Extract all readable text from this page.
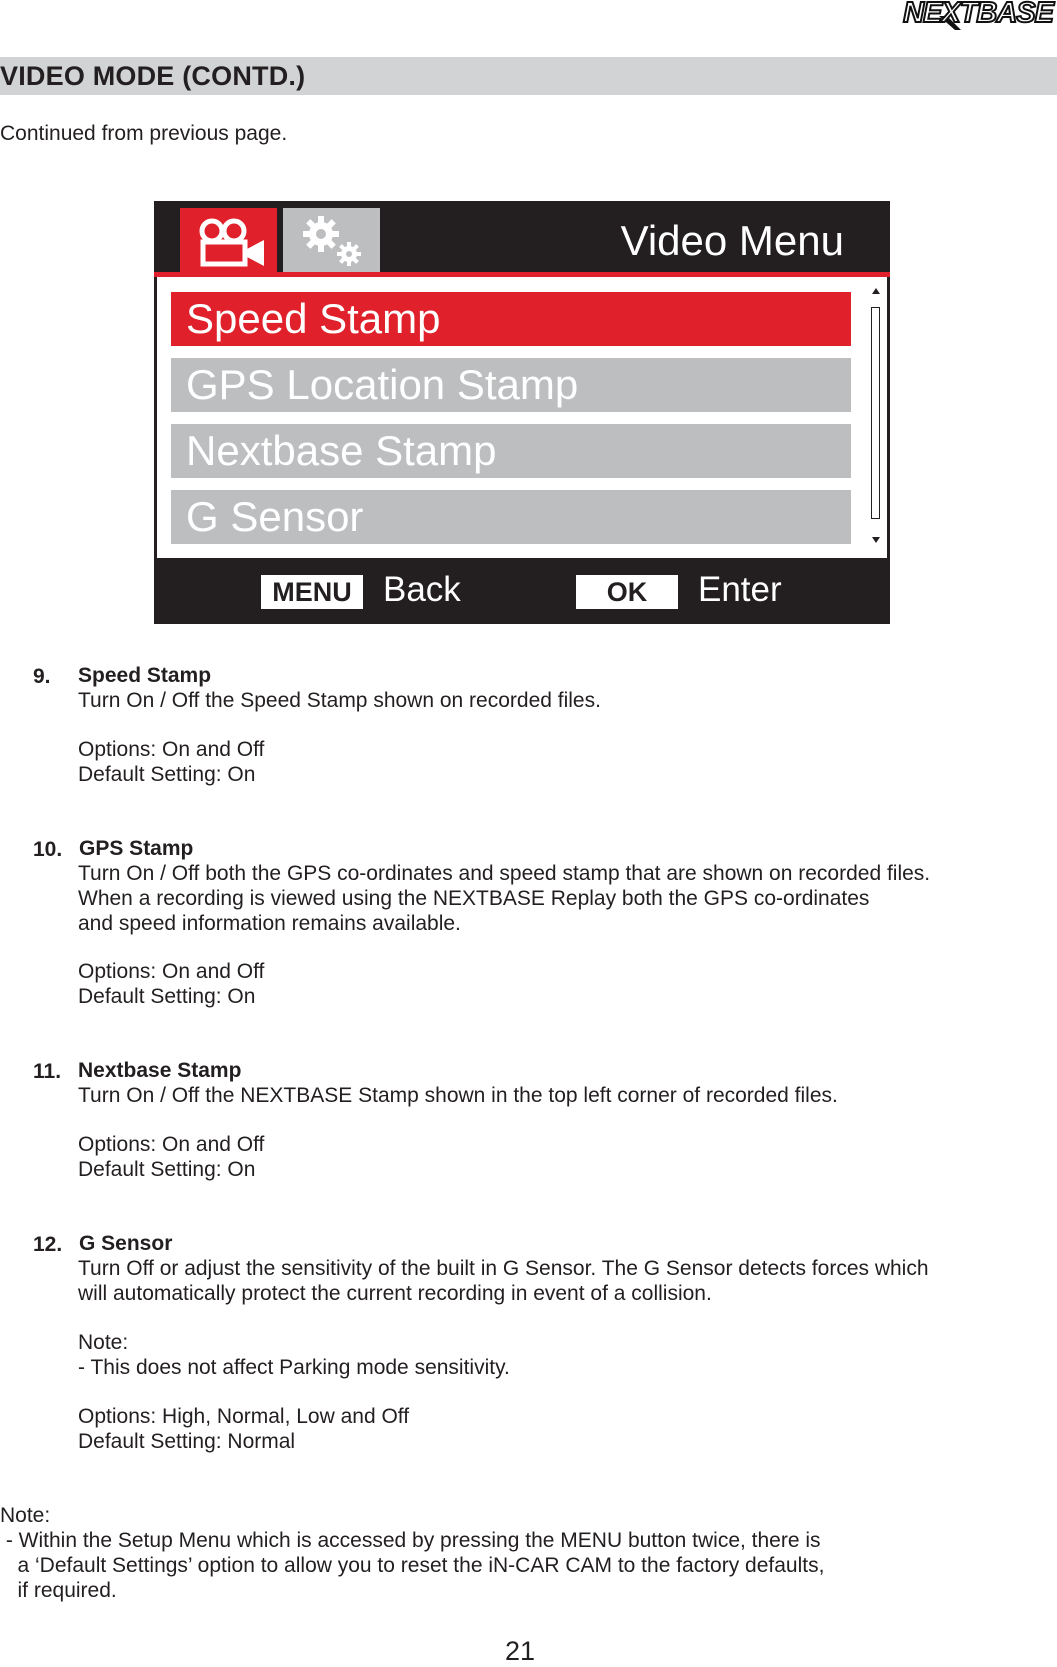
NEXTBASE
VIDEO MODE (CONTD.)
Continued from previous page.
Video Menu
Speed Stamp
GPS Location Stamp
Nextbase Stamp
G Sensor
MENU Back	OK	Enter
9. Speed Stamp
Turn On / Off the Speed Stamp shown on recorded files.
Options: On and Off
Default Setting: On
10. GPS Stamp
Turn On / Off both the GPS co-ordinates and speed stamp that are shown on recorded files.
When a recording is viewed using the NEXTBASE Replay both the GPS co-ordinates
and speed information remains available.
Options: On and Off
Default Setting: On
11. Nextbase Stamp
Turn On / Off the NEXTBASE Stamp shown in the top left corner of recorded files.
Options: On and Off
Default Setting: On
12. G Sensor
Turn Off or adjust the sensitivity of the built in G Sensor. The G Sensor detects forces which
will automatically protect the current recording in event of a collision.
Note:
- This does not affect Parking mode sensitivity.
Options: High, Normal, Low and Off
Default Setting: Normal
Note:
- Within the Setup Menu which is accessed by pressing the MENU button twice, there is
a ‘Default Settings’ option to allow you to reset the iN-CAR CAM to the factory defaults,
if required.
21
